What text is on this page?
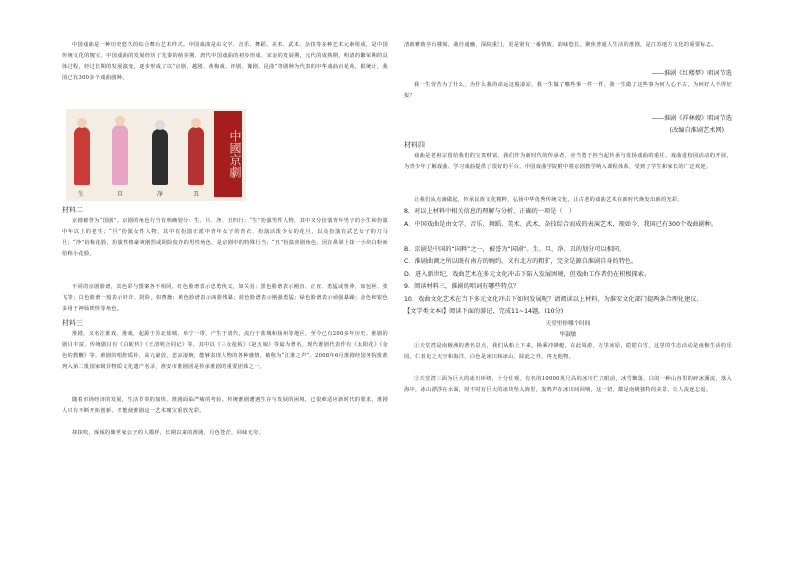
中国戏曲是一种历史悠久的综合舞台艺术样式。中国戏曲是由文学、音乐、舞蹈、美术、武术、杂技等多种艺术元素组成，是中国传统文化的瑰宝。中国戏曲的发展经历了先秦的萌芽期、唐代中国戏曲的初步形成、宋金的发展期，元代的成熟期，明清的繁荣期的具体过程，经过长期的发展演变，逐步形成了以“京剧、越剧、黄梅戏、评剧、豫剧、昆曲”等剧种为代表的中华戏曲百花苑，据统计，我国已有300多个戏曲剧种。

生	旦	净	丑
中國京劇

材料二

京剧被誉为“国剧”。京剧的角色行当有明确划分：生、旦、净、丑四行；“生”扮演男性人物，其中又分扮演青年男子的小生和扮演中年以上的老生；“旦”扮演女性人物，其中有扮演正派中青年女子的青衣、扮演活泼少女的花旦，以及扮演有武艺女子的刀马旦；“净”俗称花脸，扮演性格豪爽刚烈或阴险狡诈的男性角色，是京剧中的特殊行当；“丑”扮演喜剧角色，因在鼻梁上抹一小块白粉而俗称小花脸。

不同的京剧脸谱，其色彩与图案各不相同。红色脸谱表示忠勇侠义，如关羽；黑色脸谱表示刚直、正直、勇猛或鲁莽，如包拯、张飞等；白色脸谱一般表示奸诈、阴险，如曹操；黄色脸谱表示凶狠残暴；蓝色脸谱表示刚强勇猛；绿色脸谱表示顽强暴躁；金色和银色多用于神仙妖怪等角色。

材料三

淮剧，又名江淮戏、淮戏，起源于苏北盐城、阜宁一带，产生于清代，流行于盐城和扬州等地区，至今已有200多年历史。淮剧的剧目丰富，传统剧目有《白蛇传》《王清明合同记》等，其中以《三女抢板》《赵五娘》等最为著名。现代淮剧代表作有《太阳花》《金色的教鞭》等。淮剧的唱腔质朴，高亢豪放，悲凉凄婉，能够表现人物的各种感情，被称为“江淮之声”。2008年6月淮剧经国务院批准列入第二批国家级非物质文化遗产名录，淮安市淮剧团是传承淮剧的重要团体之一。

随着市场经济的发展，生活节奏的加快，淮剧面临严峻的考验。传统淮剧遭遇生存与发展的困境，已很难适应新时代的要求，淮剧人只有不断开拓创新，才能使淮剧这一艺术瑰宝重放光彩。

抹抹吹，琢琢的像世家公子的人模样，长期以来的淮剧，月色苍茫，回味无穷。

清新雅致亭台楼阁，曲径通幽，深院重门，更是别有一番情致，韵味悠长。聚焦普通人生活的淮剧，是江苏地方文化的重要标志。

——淮剧《红楼梦》唱词节选

我一生劳苦为了什么，为什么我的命运这般凄凉，我一生做了哪些事一件一件，我一生做了这些事为何人心不古，为何好人不得好报？

——淮剧《祥林嫂》唱词节选

(改编自淮剧艺术网)

材料四

戏曲是老祖宗留给我们的宝贵财富，我们作为新时代的传承者，应当勇于担当起传承与发扬戏曲的重任。戏曲进校园活动的开展，为青少年了解戏曲、学习戏曲提供了很好的平台。中国戏曲学院附中将京剧教学纳入课程体系，受到了学生和家长的广泛欢迎。

让我们从点滴做起，传承民族文化精粹，弘扬中华优秀传统文化，让古老的戏曲艺术在新时代焕发出新的光彩。

8．对以上材料中相关信息的理解与分析，正确的一项是（　）

A．中国戏曲是由文学、音乐、舞蹈、美术、武术、杂技综合而成的表演艺术，现如今，我国已有300个戏曲剧种。

B．京剧是中国的“国粹”之一，被誉为“国剧”。生、旦、净、丑的划分可以相同。

C．淮剧曲调之所以既有南方的婉约，又有北方的粗犷，完全是源自淮剧自身的特色。

D．进入新世纪，戏曲艺术在多元文化冲击下陷入发展困境，但戏曲工作者仍在积极探索。

9．阅读材料三，淮剧的唱词有哪些特点？

10．戏曲文化艺术在当下多元文化冲击下如何发展呢？请阅读以上材料，为淮安文化部门提两条合理化建议。

【文学类文本Ⅰ】阅读下面的游记，完成11~14题。(10分)

天堂里你哪个时间

毕淑敏

①天堂湾是南极洲的著名景点，我们从船上下来，换乘冲锋艇，在此周游。万里冰原，皑皑白雪，这里的生态活动是南极生活的乐园。仁者见之天空和海洋，白色是冰川和冰山，除此之外，再无他物。

②天堂湾三面为巨大的冰川环绕，十分壮观。有名的10000英尺高的冰川伫立眼前，冰雪飘落，白的一种山谷里的碎冰溪流，落入海中，冰山漂浮在水面，时不时有巨大的冰块坠入海里，轰鸣声在冰川间回响，这一切，都是南极独特的美景，让人流连忘返。
